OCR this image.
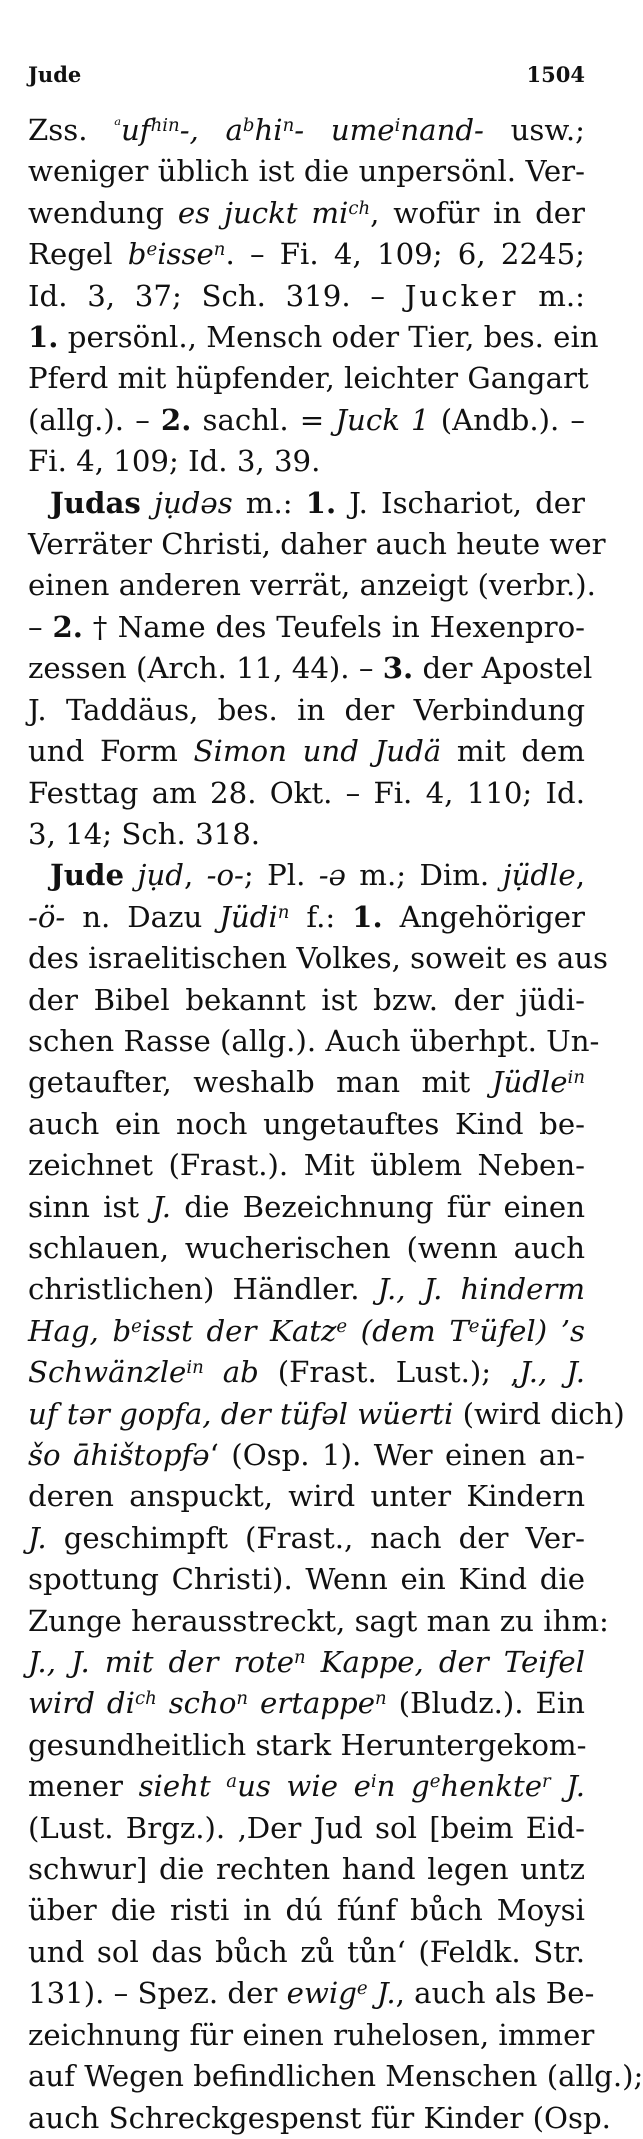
Jude	1504
Zss. $^ᵃuf^{hin}-$, $a^bhi^n-$ ume$^i$nand- usw.;
weniger üblich ist die unpersönl. Ver-
wendung es juckt $mi^{ch}$, wofür in der
Regel $b^eisse^n$. – Fi. 4, 109; 6, 2245;
Id. 3, 37; Sch. 319. – Jucker m.:
1. persönl., Mensch oder Tier, bes. ein
Pferd mit hüpfender, leichter Gangart
(allg.). – 2. sachl. = Juck 1 (Andb.). –
Fi. 4, 109; Id. 3, 39.
Judas jụdəs m.: 1. J. Ischariot, der
Verräter Christi, daher auch heute wer
einen anderen verrät, anzeigt (verbr.).
– 2. † Name des Teufels in Hexenpro-
zessen (Arch. 11, 44). – 3. der Apostel
J. Taddäus, bes. in der Verbindung
und Form Simon und Judä mit dem
Festtag am 28. Okt. – Fi. 4, 110; Id.
3, 14; Sch. 318.
Jude jụd, -o-; Pl. -ə m.; Dim. jụ̈dle,
-ö- n. Dazu Jüdi$^n$ f.: 1. Angehöriger
des israelitischen Volkes, soweit es aus
der Bibel bekannt ist bzw. der jüdi-
schen Rasse (allg.). Auch überhpt. Un-
getaufter, weshalb man mit Jüdle$^{in}$
auch ein noch ungetauftes Kind be-
zeichnet (Frast.). Mit üblem Neben-
sinn ist J. die Bezeichnung für einen
schlauen, wucherischen (wenn auch
christlichen) Händler. J., J. hinderm
Hag, $b^eisst$ der Katz$^e$ (dem $T^eüfel$) ’s
Schwänzle$^{in}$ ab (Frast. Lust.); ‚J., J.
uf tər gopfa, der tüfəl wüerti (wird dich)
šo āhištopfə‘ (Osp. 1). Wer einen an-
deren anspuckt, wird unter Kindern
J. geschimpft (Frast., nach der Ver-
spottung Christi). Wenn ein Kind die
Zunge herausstreckt, sagt man zu ihm:
J., J. mit der rote$^n$ Kappe, der Teifel
wird $di^{ch}$ scho$^n$ ertappe$^n$ (Bludz.). Ein
gesundheitlich stark Heruntergekom-
mener sieht $^a$us wie $e^in$ $g^ehenkte^r$ J.
(Lust. Brgz.). ‚Der Jud sol [beim Eid-
schwur] die rechten hand legen untz
über die risti in dú fúnf bůch Moysi
und sol das bůch zů tůn‘ (Feldk. Str.
131). – Spez. der ewig$^e$ J., auch als Be-
zeichnung für einen ruhelosen, immer
auf Wegen befindlichen Menschen (allg.);
auch Schreckgespenst für Kinder (Osp.
